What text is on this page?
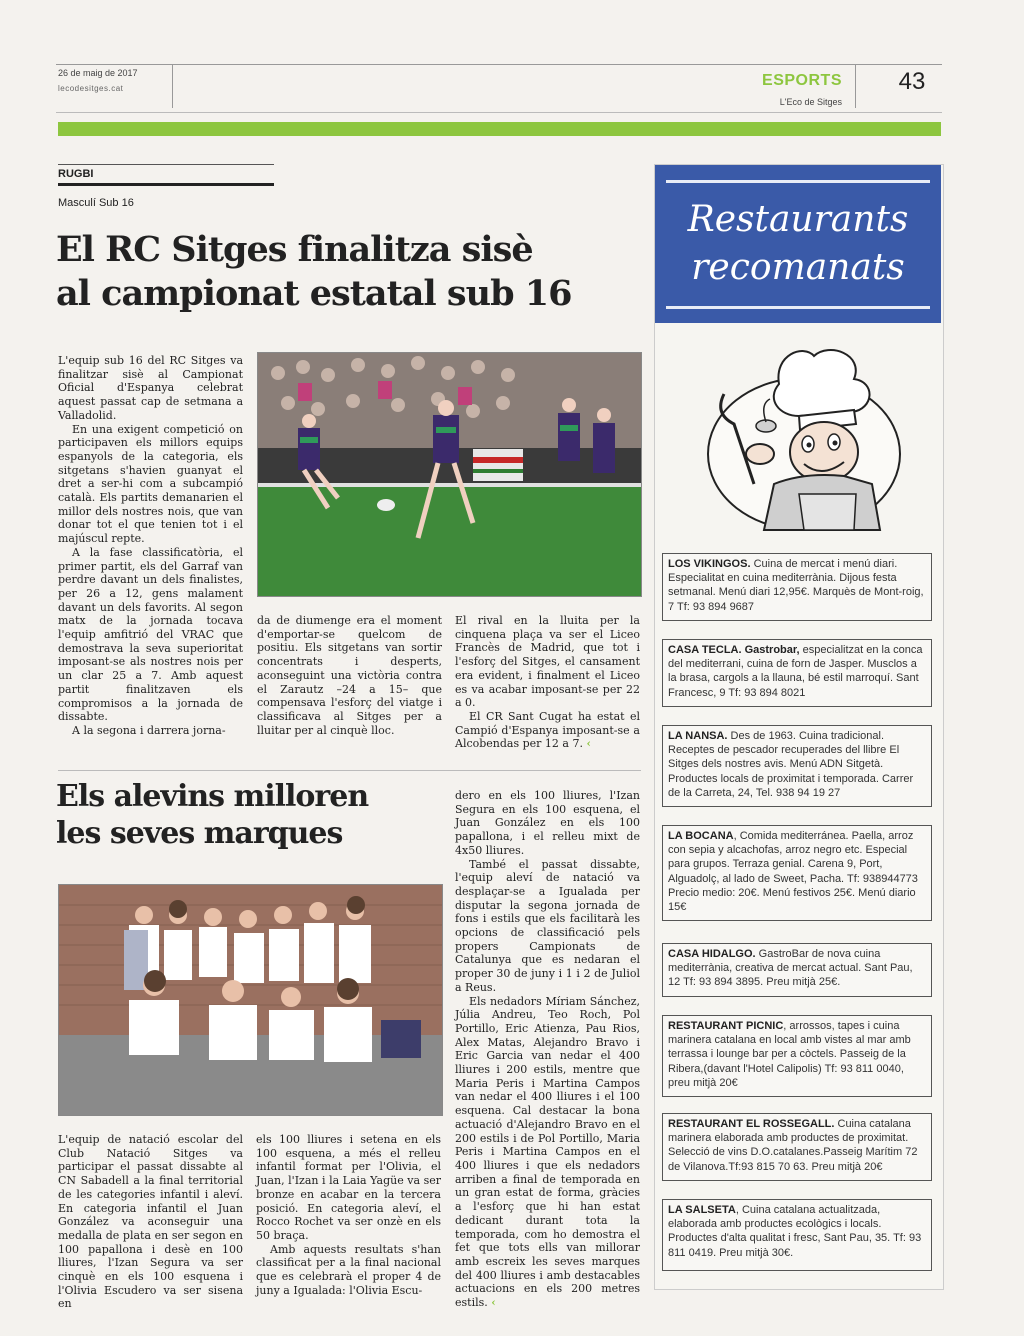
26 de maig de 2017
lecodesitges.cat	ESPORTS
L'Eco de Sitges
43
RUGBI
Masculí Sub 16
El RC Sitges finalitza sisè
al campionat estatal sub 16

L'equip sub 16 del RC Sitges va finalitzar sisè al Campionat Oficial d'Espanya celebrat aquest passat cap de setmana a Valladolid.

En una exigent competició on participaven els millors equips espanyols de la categoria, els sitgetans s'havien guanyat el dret a ser-hi com a subcampió català. Els partits demanarien el millor dels nostres nois, que van donar tot el que tenien tot i el majúscul repte.

A la fase classificatòria, el primer partit, els del Garraf van perdre davant un dels finalistes, per 26 a 12, gens malament davant un dels favorits. Al segon matx de la jornada tocava l'equip amfitrió del VRAC que demostrava la seva superioritat imposant-se als nostres nois per un clar 25 a 7. Amb aquest partit finalitzaven els compromisos a la jornada de dissabte.

A la segona i darrera jorna-

da de diumenge era el moment d'emportar-se quelcom de positiu. Els sitgetans van sortir concentrats i desperts, aconseguint una victòria contra el Zarautz –24 a 15– que compensava l'esforç del viatge i classificava al Sitges per a lluitar per al cinquè lloc.

El rival en la lluita per la cinquena plaça va ser el Liceo Francès de Madrid, que tot i l'esforç del Sitges, el cansament era evident, i finalment el Liceo es va acabar imposant-se per 22 a 0.

El CR Sant Cugat ha estat el Campió d'Espanya imposant-se a Alcobendas per 12 a 7. ‹

Els alevins milloren
les seves marques

L'equip de natació escolar del Club Natació Sitges va participar el passat dissabte al CN Sabadell a la final territorial de les categories infantil i aleví. En categoria infantil el Juan González va aconseguir una medalla de plata en ser segon en 100 papallona i desè en 100 lliures, l'Izan Segura va ser cinquè en els 100 esquena i l'Olivia Escudero va ser sisena en

els 100 lliures i setena en els 100 esquena, a més el relleu infantil format per l'Olivia, el Juan, l'Izan i la Laia Yagüe va ser bronze en acabar en la tercera posició. En categoria aleví, el Rocco Rochet va ser onzè en els 50 braça.

Amb aquests resultats s'han classificat per a la final nacional que es celebrarà el proper 4 de juny a Igualada: l'Olivia Escu-

dero en els 100 lliures, l'Izan Segura en els 100 esquena, el Juan González en els 100 papallona, i el relleu mixt de 4x50 lliures.

També el passat dissabte, l'equip aleví de natació va desplaçar-se a Igualada per disputar la segona jornada de fons i estils que els facilitarà les opcions de classificació pels propers Campionats de Catalunya que es nedaran el proper 30 de juny i 1 i 2 de Juliol a Reus.

Els nedadors Míriam Sánchez, Júlia Andreu, Teo Roch, Pol Portillo, Eric Atienza, Pau Rios, Alex Matas, Alejandro Bravo i Eric Garcia van nedar el 400 lliures i 200 estils, mentre que Maria Peris i Martina Campos van nedar el 400 lliures i el 100 esquena. Cal destacar la bona actuació d'Alejandro Bravo en el 200 estils i de Pol Portillo, Maria Peris i Martina Campos en el 400 lliures i que els nedadors arriben a final de temporada en un gran estat de forma, gràcies a l'esforç que hi han estat dedicant durant tota la temporada, com ho demostra el fet que tots ells van millorar amb escreix les seves marques del 400 lliures i amb destacables actuacions en els 200 metres estils. ‹

Restaurants
recomanats
LOS VIKINGOS. Cuina de mercat i menú diari. Especialitat en cuina mediterrània. Dijous festa setmanal. Menú diari 12,95€. Marquès de Mont-roig, 7 Tf: 93 894 9687
CASA TECLA. Gastrobar, especialitzat en la conca del mediterrani, cuina de forn de Jasper. Musclos a la brasa, cargols a la llauna, bé estil marroquí. Sant Francesc, 9 Tf: 93 894 8021
LA NANSA. Des de 1963. Cuina tradicional. Receptes de pescador recuperades del llibre El Sitges dels nostres avis. Menú ADN Sitgetà. Productes locals de proximitat i temporada. Carrer de la Carreta, 24, Tel. 938 94 19 27
LA BOCANA, Comida mediterránea. Paella, arroz con sepia y alcachofas, arroz negro etc. Especial para grupos. Terraza genial. Carena 9, Port, Alguadolç, al lado de Sweet, Pacha. Tf: 938944773 Precio medio: 20€. Menú festivos 25€. Menú diario 15€
CASA HIDALGO. GastroBar de nova cuina mediterrània, creativa de mercat actual. Sant Pau, 12 Tf: 93 894 3895. Preu mitjà 25€.
RESTAURANT PICNIC, arrossos, tapes i cuina marinera catalana en local amb vistes al mar amb terrassa i lounge bar per a còctels. Passeig de la Ribera,(davant l'Hotel Calipolis) Tf: 93 811 0040, preu mitjà 20€
RESTAURANT EL ROSSEGALL. Cuina catalana marinera elaborada amb productes de proximitat. Selecció de vins D.O.catalanes.Passeig Marítim 72 de Vilanova.Tf:93 815 70 63. Preu mitjà 20€
LA SALSETA, Cuina catalana actualitzada, elaborada amb productes ecològics i locals. Productes d'alta qualitat i fresc, Sant Pau, 35. Tf: 93 811 0419. Preu mitjà 30€.
